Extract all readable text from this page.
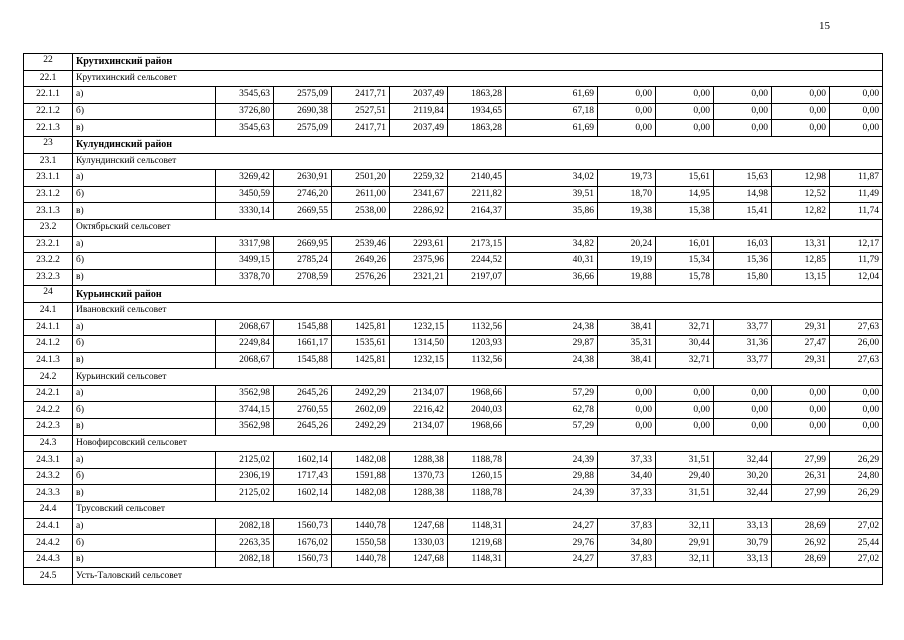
15
22	Крутихинский район											
22.1	Крутихинский сельсовет											
22.1.1	а)	3545,63	2575,09	2417,71	2037,49	1863,28	61,69	0,00	0,00	0,00	0,00	0,00
22.1.2	б)	3726,80	2690,38	2527,51	2119,84	1934,65	67,18	0,00	0,00	0,00	0,00	0,00
22.1.3	в)	3545,63	2575,09	2417,71	2037,49	1863,28	61,69	0,00	0,00	0,00	0,00	0,00
23	Кулундинский район											
23.1	Кулундинский сельсовет											
23.1.1	а)	3269,42	2630,91	2501,20	2259,32	2140,45	34,02	19,73	15,61	15,63	12,98	11,87
23.1.2	б)	3450,59	2746,20	2611,00	2341,67	2211,82	39,51	18,70	14,95	14,98	12,52	11,49
23.1.3	в)	3330,14	2669,55	2538,00	2286,92	2164,37	35,86	19,38	15,38	15,41	12,82	11,74
23.2	Октябрьский сельсовет											
23.2.1	а)	3317,98	2669,95	2539,46	2293,61	2173,15	34,82	20,24	16,01	16,03	13,31	12,17
23.2.2	б)	3499,15	2785,24	2649,26	2375,96	2244,52	40,31	19,19	15,34	15,36	12,85	11,79
23.2.3	в)	3378,70	2708,59	2576,26	2321,21	2197,07	36,66	19,88	15,78	15,80	13,15	12,04
24	Курьинский район											
24.1	Ивановский сельсовет											
24.1.1	а)	2068,67	1545,88	1425,81	1232,15	1132,56	24,38	38,41	32,71	33,77	29,31	27,63
24.1.2	б)	2249,84	1661,17	1535,61	1314,50	1203,93	29,87	35,31	30,44	31,36	27,47	26,00
24.1.3	в)	2068,67	1545,88	1425,81	1232,15	1132,56	24,38	38,41	32,71	33,77	29,31	27,63
24.2	Курьинский сельсовет											
24.2.1	а)	3562,98	2645,26	2492,29	2134,07	1968,66	57,29	0,00	0,00	0,00	0,00	0,00
24.2.2	б)	3744,15	2760,55	2602,09	2216,42	2040,03	62,78	0,00	0,00	0,00	0,00	0,00
24.2.3	в)	3562,98	2645,26	2492,29	2134,07	1968,66	57,29	0,00	0,00	0,00	0,00	0,00
24.3	Новофирсовский сельсовет											
24.3.1	а)	2125,02	1602,14	1482,08	1288,38	1188,78	24,39	37,33	31,51	32,44	27,99	26,29
24.3.2	б)	2306,19	1717,43	1591,88	1370,73	1260,15	29,88	34,40	29,40	30,20	26,31	24,80
24.3.3	в)	2125,02	1602,14	1482,08	1288,38	1188,78	24,39	37,33	31,51	32,44	27,99	26,29
24.4	Трусовский сельсовет											
24.4.1	а)	2082,18	1560,73	1440,78	1247,68	1148,31	24,27	37,83	32,11	33,13	28,69	27,02
24.4.2	б)	2263,35	1676,02	1550,58	1330,03	1219,68	29,76	34,80	29,91	30,79	26,92	25,44
24.4.3	в)	2082,18	1560,73	1440,78	1247,68	1148,31	24,27	37,83	32,11	33,13	28,69	27,02
24.5	Усть-Таловский сельсовет											
